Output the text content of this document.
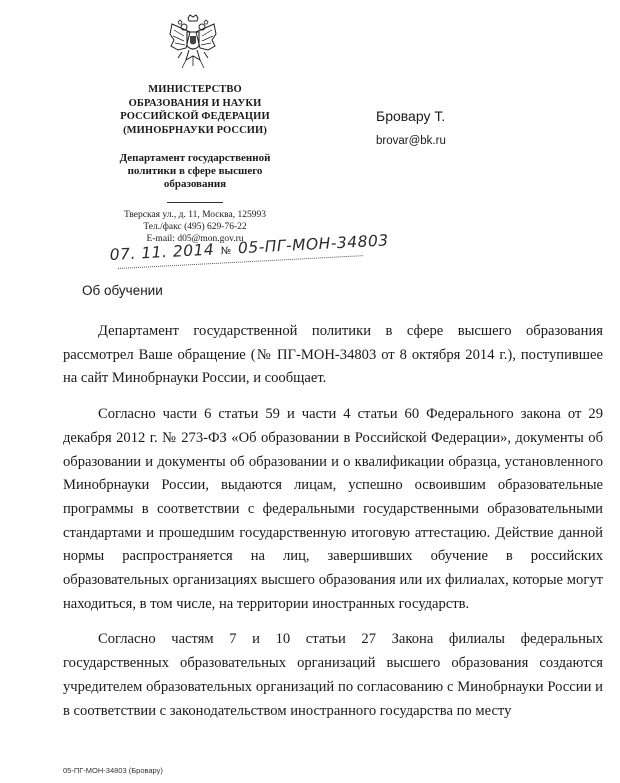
МИНИСТЕРСТВО
ОБРАЗОВАНИЯ И НАУКИ
РОССИЙСКОЙ ФЕДЕРАЦИИ
(МИНОБРНАУКИ РОССИИ)
Департамент государственной
политики в сфере высшего
образования
Тверская ул., д. 11, Москва, 125993
Тел./факс (495) 629-76-22
E-mail: d05@mon.gov.ru
07. 11. 2014 № 05-ПГ-МОН-34803
Бровару Т.
brovar@bk.ru
Об обучении

Департамент государственной политики в сфере высшего образования рассмотрел Ваше обращение (№ ПГ-МОН-34803 от 8 октября 2014 г.), поступившее на сайт Минобрнауки России, и сообщает.

Согласно части 6 статьи 59 и части 4 статьи 60 Федерального закона от 29 декабря 2012 г. № 273-ФЗ «Об образовании в Российской Федерации», документы об образовании и документы об образовании и о квалификации образца, установленного Минобрнауки России, выдаются лицам, успешно освоившим образовательные программы в соответствии с федеральными государственными образовательными стандартами и прошедшим государственную итоговую аттестацию. Действие данной нормы распространяется на лиц, завершивших обучение в российских образовательных организациях высшего образования или их филиалах, которые могут находиться, в том числе, на территории иностранных государств.

Согласно частям 7 и 10 статьи 27 Закона филиалы федеральных государственных образовательных организаций высшего образования создаются учредителем образовательных организаций по согласованию с Минобрнауки России и в соответствии с законодательством иностранного государства по месту

05-ПГ-МОН-34803 (Бровару)
